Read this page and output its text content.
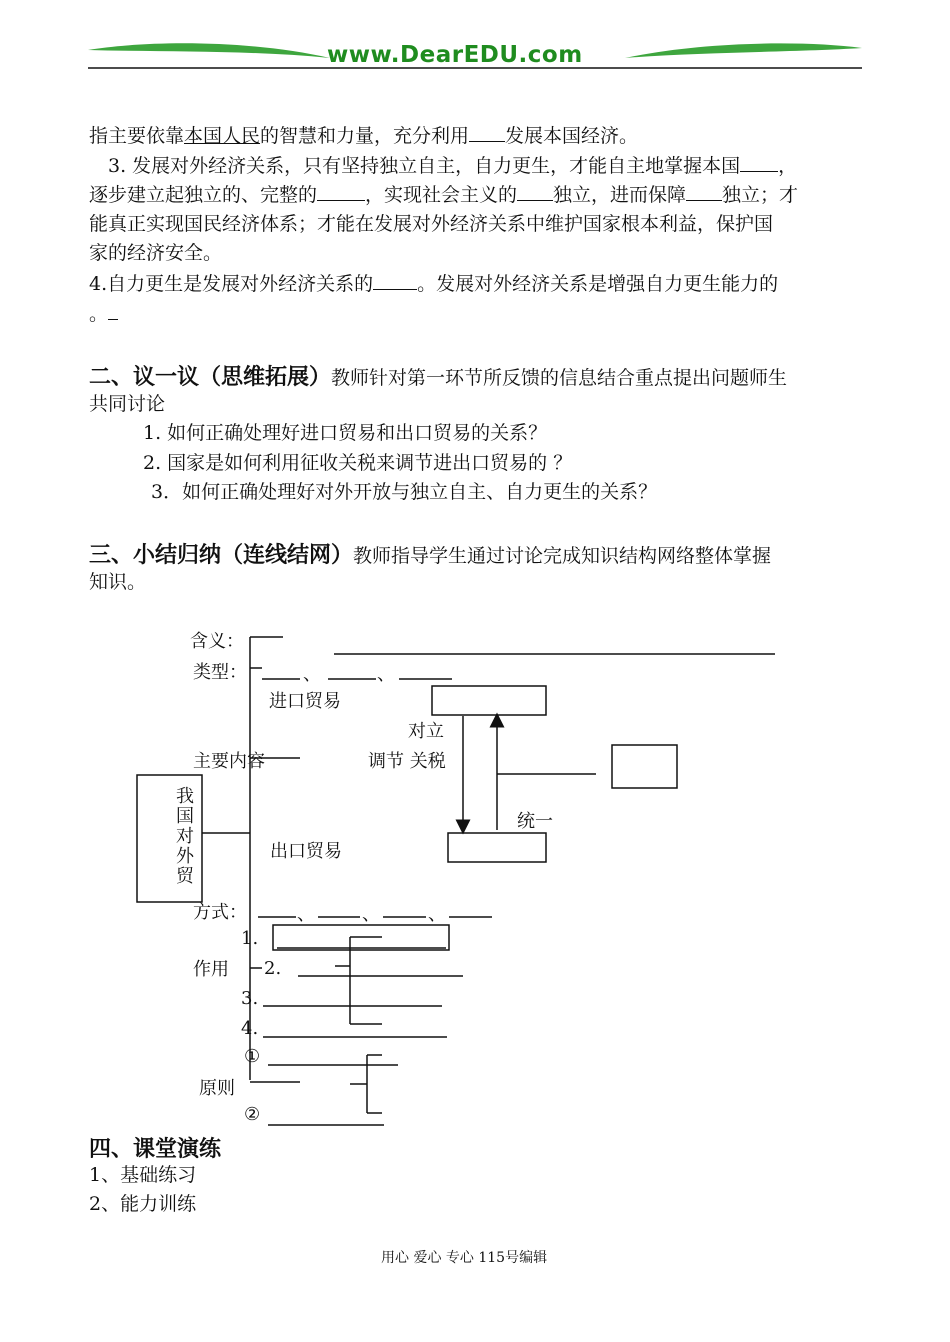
www.DearEDU.com
指主要依靠本国人民的智慧和力量，充分利用 发展本国经济。
3. 发展对外经济关系，只有坚持独立自主，自力更生，才能自主地掌握本国 ，
逐步建立起独立的、完整的	，实现社会主义的 独立，进而保障 独立；才
能真正实现国民经济体系；才能在发展对外经济关系中维护国家根本利益，保护国
家的经济安全。
4.自力更生是发展对外经济关系的 。发展对外经济关系是增强自力更生能力的
。
二、议一议（思维拓展）教师针对第一环节所反馈的信息结合重点提出问题师生
共同讨论
1. 如何正确处理好进口贸易和出口贸易的关系？
2. 国家是如何利用征收关税来调节进出口贸易的 ？
3．如何正确处理好对外开放与独立自主、自力更生的关系？
三、小结归纳（连线结网）教师指导学生通过讨论完成知识结构网络整体掌握
知识。
我
国
对
外
贸
含义：
类型：	、	、
进口贸易
对立
主要内容	调节 关税
统一
出口贸易
方式：	、	、	、
1.
作用 2.
3.
4.
①
原则
②
四、课堂演练
1、基础练习
2、能力训练
用心 爱心 专心 115号编辑
